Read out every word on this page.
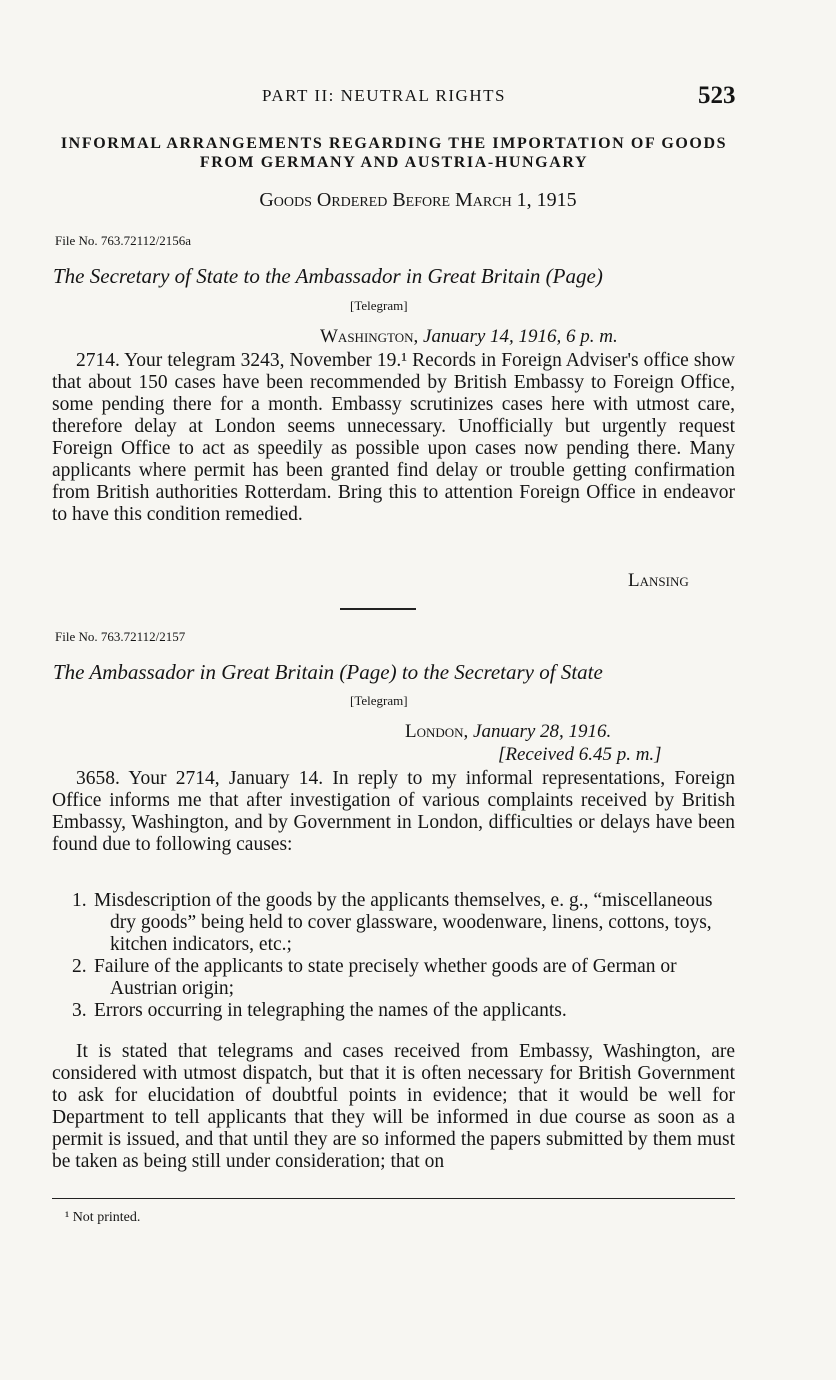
PART II: NEUTRAL RIGHTS	523
INFORMAL ARRANGEMENTS REGARDING THE IMPORTATION OF GOODS FROM GERMANY AND AUSTRIA-HUNGARY
Goods Ordered Before March 1, 1915
File No. 763.72112/2156a
The Secretary of State to the Ambassador in Great Britain (Page)
[Telegram]
Washington, January 14, 1916, 6 p. m.

2714. Your telegram 3243, November 19.¹ Records in Foreign Adviser's office show that about 150 cases have been recommended by British Embassy to Foreign Office, some pending there for a month. Embassy scrutinizes cases here with utmost care, therefore delay at London seems unnecessary. Unofficially but urgently request Foreign Office to act as speedily as possible upon cases now pending there. Many applicants where permit has been granted find delay or trouble getting confirmation from British authorities Rotterdam. Bring this to attention Foreign Office in endeavor to have this condition remedied.

Lansing
File No. 763.72112/2157
The Ambassador in Great Britain (Page) to the Secretary of State
[Telegram]
London, January 28, 1916.
[Received 6.45 p. m.]

3658. Your 2714, January 14. In reply to my informal representations, Foreign Office informs me that after investigation of various complaints received by British Embassy, Washington, and by Government in London, difficulties or delays have been found due to following causes:

1. Misdescription of the goods by the applicants themselves, e. g., “miscellaneous dry goods” being held to cover glassware, woodenware, linens, cottons, toys, kitchen indicators, etc.;
2. Failure of the applicants to state precisely whether goods are of German or Austrian origin;
3. Errors occurring in telegraphing the names of the applicants.

It is stated that telegrams and cases received from Embassy, Washington, are considered with utmost dispatch, but that it is often necessary for British Government to ask for elucidation of doubtful points in evidence; that it would be well for Department to tell applicants that they will be informed in due course as soon as a permit is issued, and that until they are so informed the papers submitted by them must be taken as being still under consideration; that on

¹ Not printed.
